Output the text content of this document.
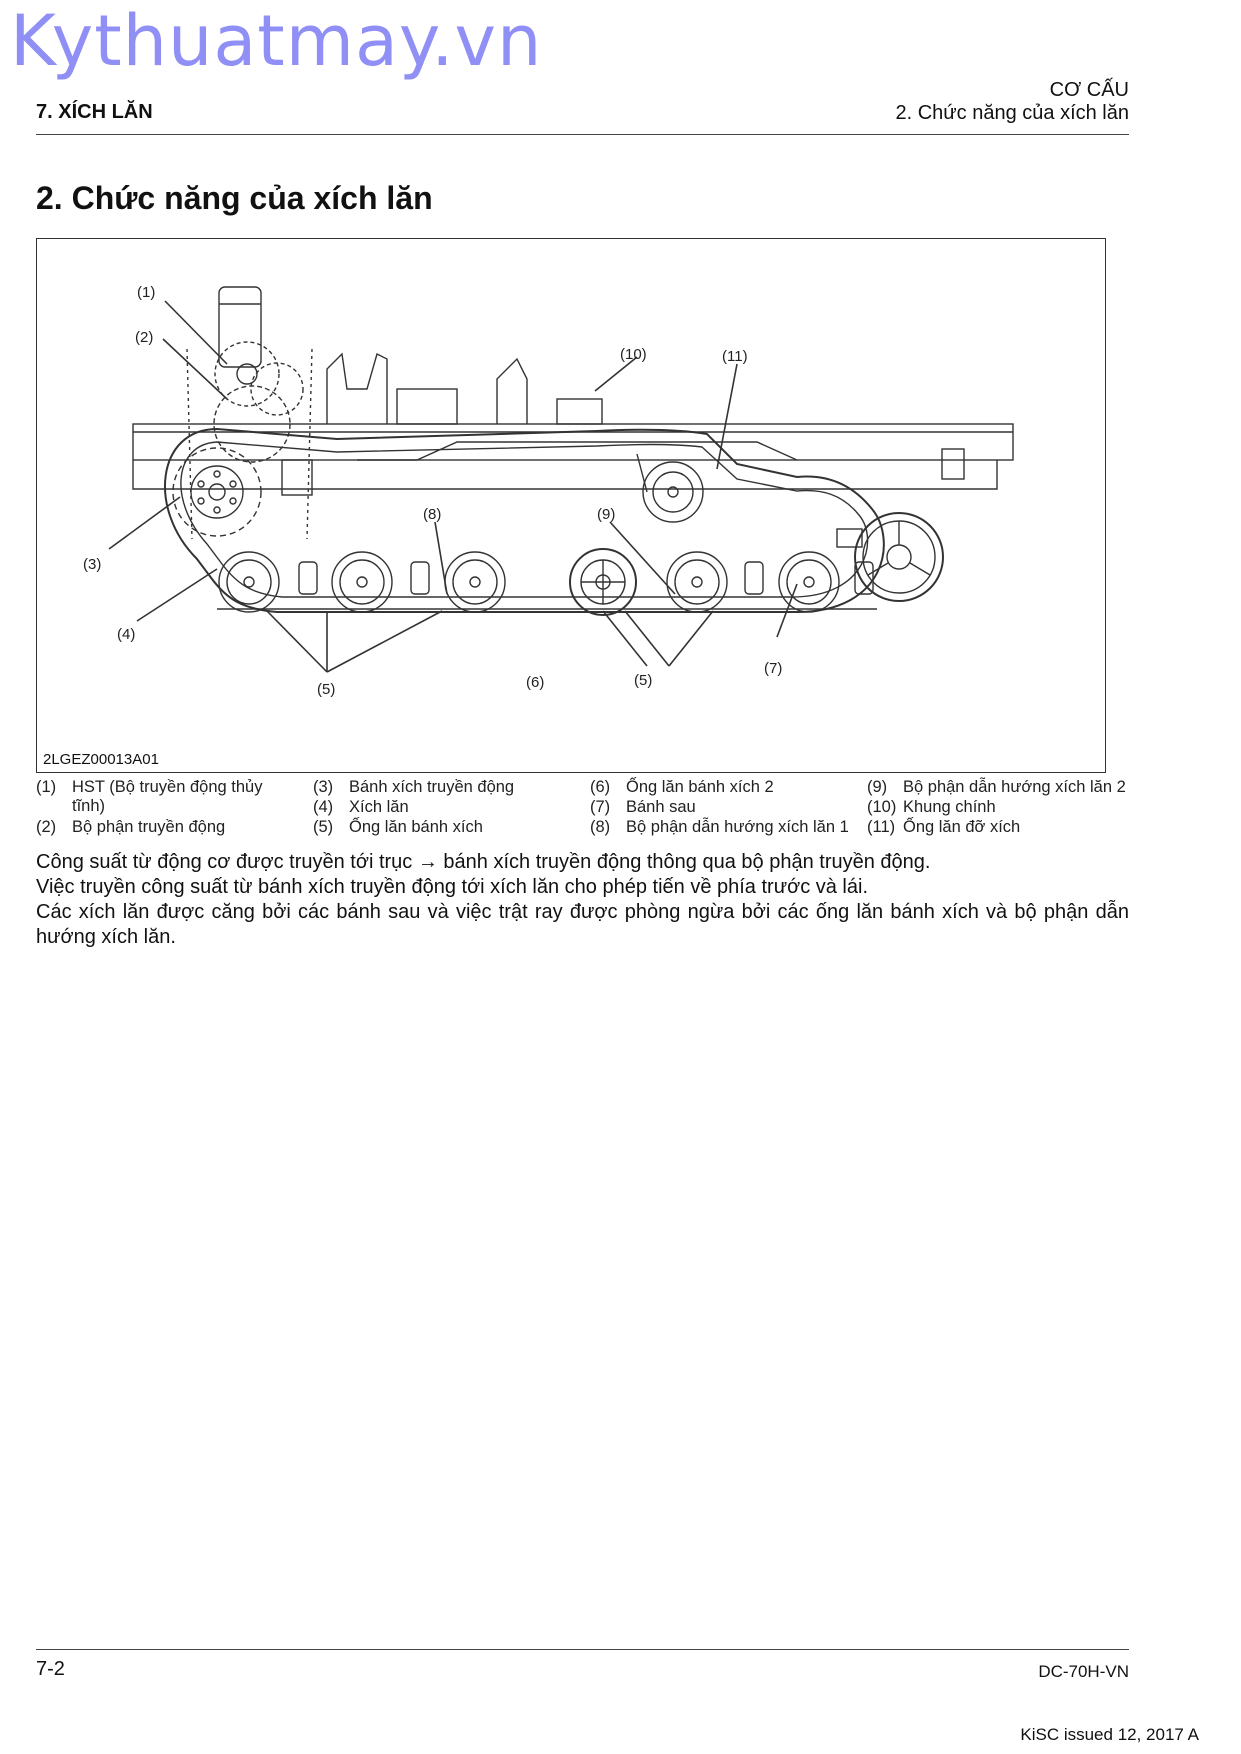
Kythuatmay.vn
7. XÍCH LĂN
CƠ CẤU
2. Chức năng của xích lăn
2. Chức năng của xích lăn
(1)
(2)
(3)
(4)
(5)
(5)
(6)
(7)
(8)	(9)
(10)	(11)
2LGEZ00013A01
(1) HST (Bộ truyền động thủy
tĩnh)
(2) Bộ phận truyền động
(3) Bánh xích truyền động
(4) Xích lăn
(5) Ống lăn bánh xích
(6) Ống lăn bánh xích 2
(7) Bánh sau
(8) Bộ phận dẫn hướng xích lăn 1
(9) Bộ phận dẫn hướng xích lăn 2
(10) Khung chính
(11) Ống lăn đỡ xích

Công suất từ động cơ được truyền tới trục → bánh xích truyền động thông qua bộ phận truyền động.

Việc truyền công suất từ bánh xích truyền động tới xích lăn cho phép tiến về phía trước và lái.

Các xích lăn được căng bởi các bánh sau và việc trật ray được phòng ngừa bởi các ống lăn bánh xích và bộ phận dẫn hướng xích lăn.

7-2	DC-70H-VN
KiSC issued 12, 2017 A
